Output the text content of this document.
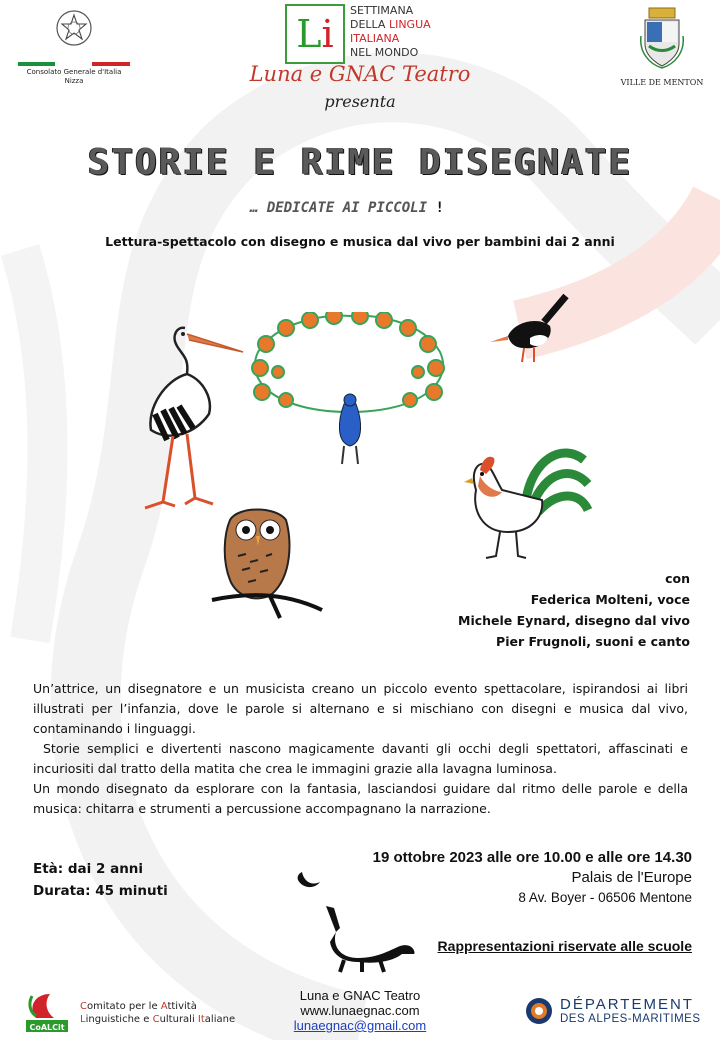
Consolato Generale d'Italia
Nizza
Li
SETTIMANA
DELLA LINGUA
ITALIANA
NEL MONDO
Luna e GNAC Teatro
presenta
VILLE DE MENTON
STORIE E RIME DISEGNATE
… DEDICATE AI PICCOLI !
Lettura-spettacolo con disegno e musica dal vivo per bambini dai 2 anni
con
Federica Molteni, voce
Michele Eynard, disegno dal vivo
Pier Frugnoli, suoni e canto

Un’attrice, un disegnatore e un musicista creano un piccolo evento spettacolare, ispirandosi ai libri illustrati per l’infanzia, dove le parole si alternano e si mischiano con disegni e musica dal vivo, contaminando i linguaggi.

Storie semplici e divertenti nascono magicamente davanti gli occhi degli spettatori, affascinati e incuriositi dal tratto della matita che crea le immagini grazie alla lavagna luminosa.

Un mondo disegnato da esplorare con la fantasia, lasciandosi guidare dal ritmo delle parole e della musica: chitarra e strumenti a percussione accompagnano la narrazione.

Età: dai 2 anni
Durata: 45 minuti
19 ottobre 2023 alle ore 10.00 e alle ore 14.30
Palais de l'Europe
8 Av. Boyer - 06506 Mentone
Rappresentazioni riservate alle scuole
CoALCit
Comitato per le Attività
Linguistiche e Culturali Italiane
Luna e GNAC Teatro
www.lunaegnac.com
lunaegnac@gmail.com
DÉPARTEMENT
DES ALPES-MARITIMES
